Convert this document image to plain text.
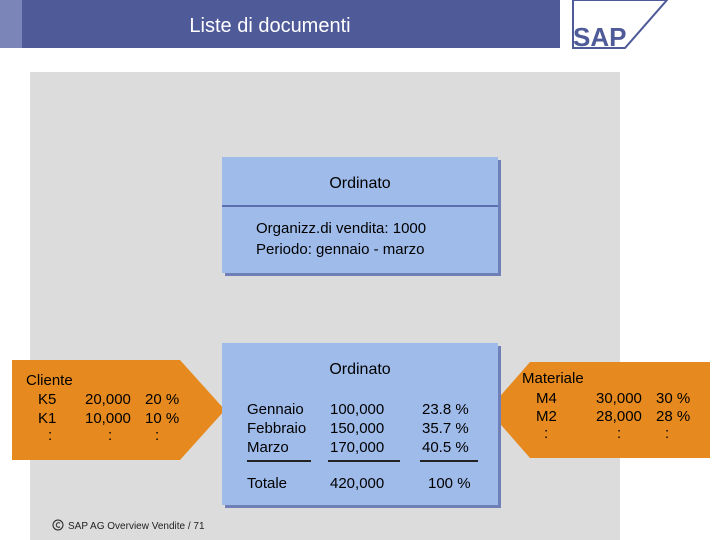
Liste di documenti	SAP
Ordinato
Organizz.di vendita: 1000
Periodo: gennaio - marzo
Cliente
K5 20,000 20 %
K1 10,000 10 %
:	:	:
Materiale
M4	30,000 30 %
M2	28,000 28 %
:	:	:
Ordinato
Gennaio 100,000	23.8 %
Febbraio 150,000	35.7 %
Marzo	170,000	40.5 %
Totale	420,000	100 %
SAP AG Overview Vendite / 71
